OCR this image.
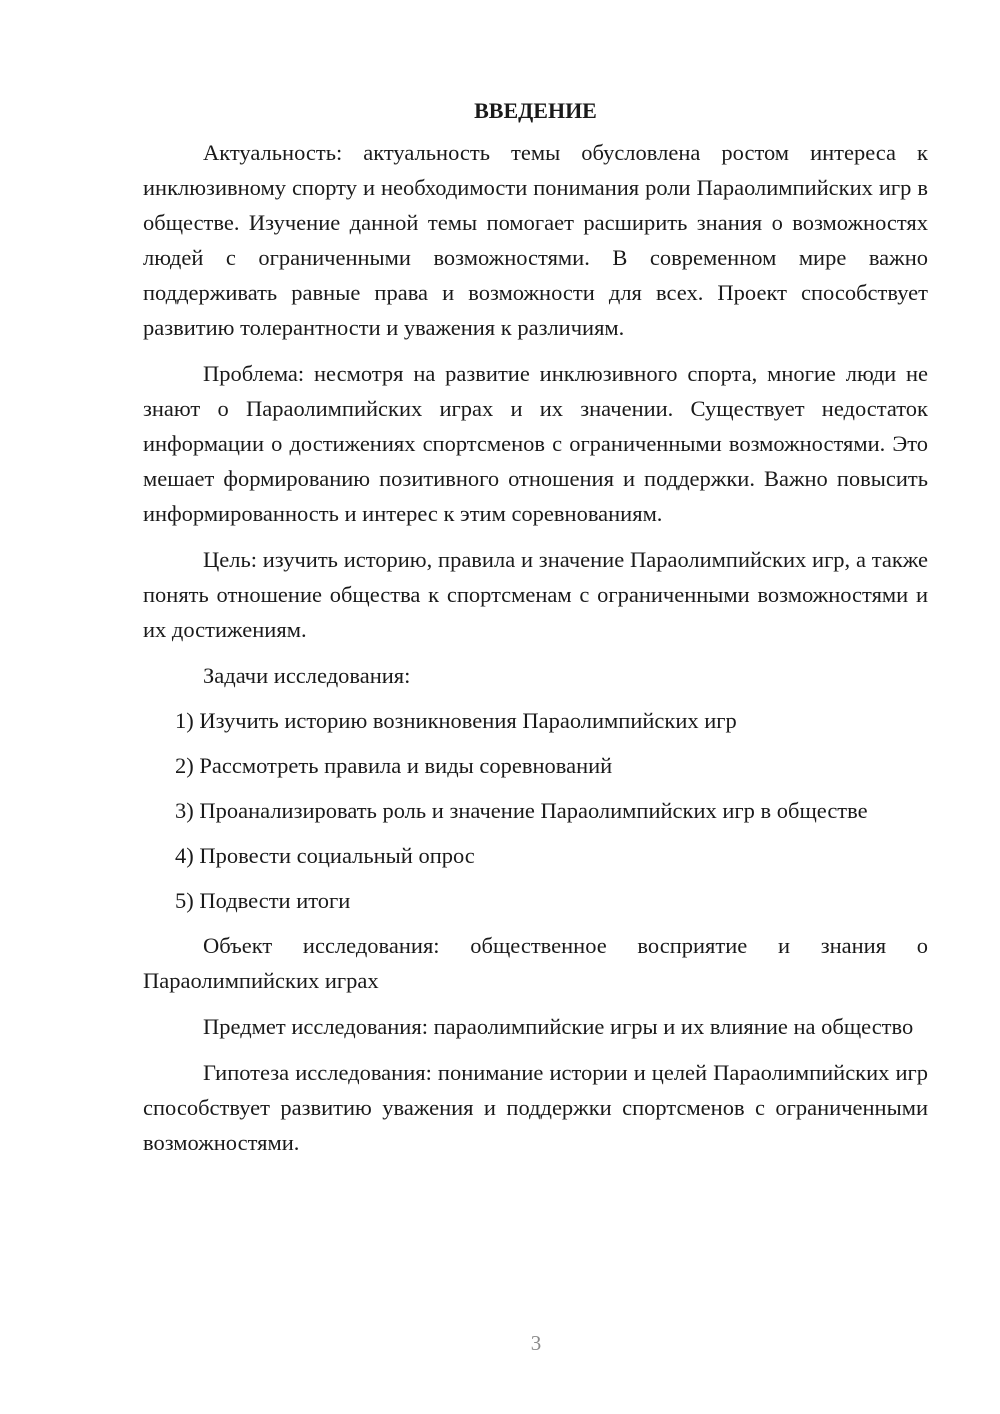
ВВЕДЕНИЕ

Актуальность: актуальность темы обусловлена ростом интереса к инклюзивному спорту и необходимости понимания роли Параолимпийских игр в обществе. Изучение данной темы помогает расширить знания о возможностях людей с ограниченными возможностями. В современном мире важно поддерживать равные права и возможности для всех. Проект способствует развитию толерантности и уважения к различиям.

Проблема: несмотря на развитие инклюзивного спорта, многие люди не знают о Параолимпийских играх и их значении. Существует недостаток информации о достижениях спортсменов с ограниченными возможностями. Это мешает формированию позитивного отношения и поддержки. Важно повысить информированность и интерес к этим соревнованиям.

Цель: изучить историю, правила и значение Параолимпийских игр, а также понять отношение общества к спортсменам с ограниченными возможностями и их достижениям.

Задачи исследования:

1) Изучить историю возникновения Параолимпийских игр

2) Рассмотреть правила и виды соревнований

3) Проанализировать роль и значение Параолимпийских игр в обществе

4) Провести социальный опрос

5) Подвести итоги

Объект исследования: общественное восприятие и знания о Параолимпийских играх

Предмет исследования: параолимпийские игры и их влияние на общество

Гипотеза исследования: понимание истории и целей Параолимпийских игр способствует развитию уважения и поддержки спортсменов с ограниченными возможностями.

3
